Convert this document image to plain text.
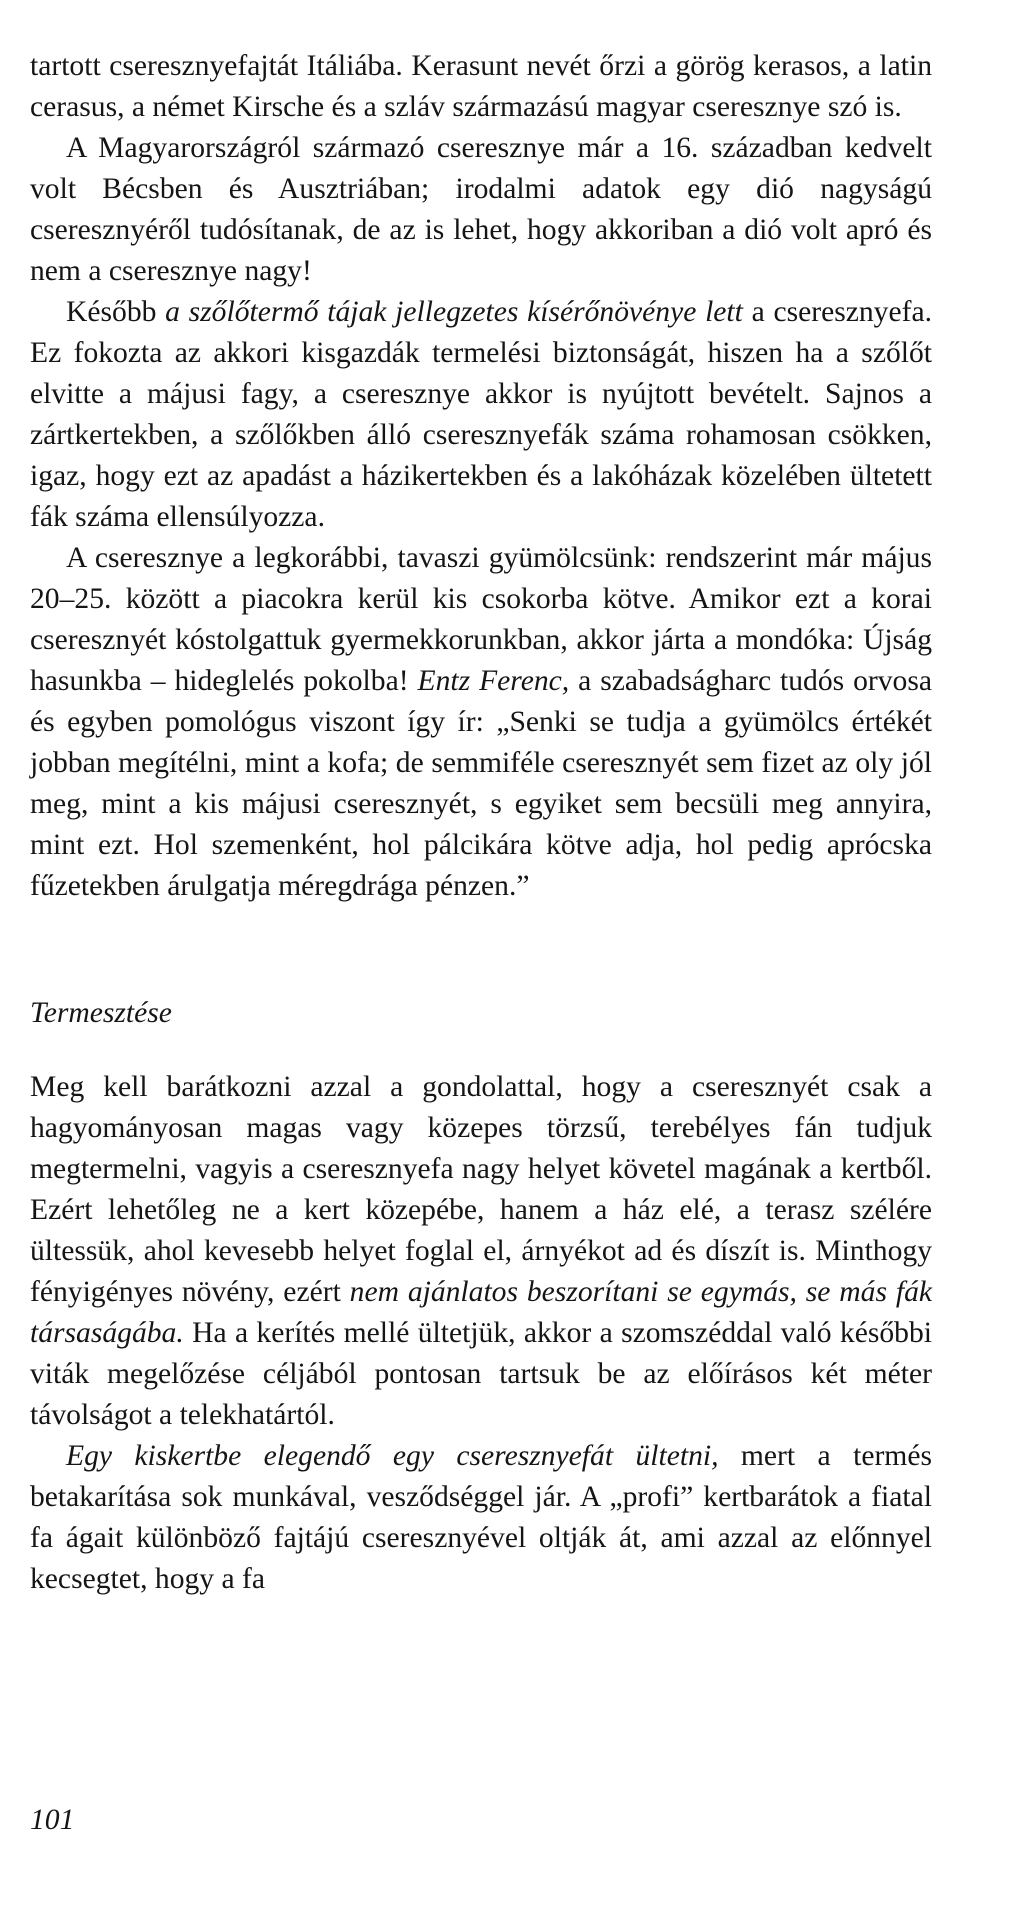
tartott cseresznyefajtát Itáliába. Kerasunt nevét őrzi a görög kerasos, a latin cerasus, a német Kirsche és a szláv származású magyar cseresznye szó is.

A Magyarországról származó cseresznye már a 16. században kedvelt volt Bécsben és Ausztriában; irodalmi adatok egy dió nagyságú cseresznyéről tudósítanak, de az is lehet, hogy akkoriban a dió volt apró és nem a cseresznye nagy!

Később a szőlőtermő tájak jellegzetes kísérőnövénye lett a cseresznyefa. Ez fokozta az akkori kisgazdák termelési biztonságát, hiszen ha a szőlőt elvitte a májusi fagy, a cseresznye akkor is nyújtott bevételt. Sajnos a zártkertekben, a szőlőkben álló cseresznyefák száma rohamosan csökken, igaz, hogy ezt az apadást a házikertekben és a lakóházak közelében ültetett fák száma ellensúlyozza.

A cseresznye a legkorábbi, tavaszi gyümölcsünk: rendszerint már május 20–25. között a piacokra kerül kis csokorba kötve. Amikor ezt a korai cseresznyét kóstolgattuk gyermekkorunkban, akkor járta a mondóka: Újság hasunkba – hideglelés pokolba! Entz Ferenc, a szabadságharc tudós orvosa és egyben pomológus viszont így ír: „Senki se tudja a gyümölcs értékét jobban megítélni, mint a kofa; de semmiféle cseresznyét sem fizet az oly jól meg, mint a kis májusi cseresznyét, s egyiket sem becsüli meg annyira, mint ezt. Hol szemenként, hol pálcikára kötve adja, hol pedig aprócska fűzetekben árulgatja méregdrága pénzen.”

Termesztése

Meg kell barátkozni azzal a gondolattal, hogy a cseresznyét csak a hagyományosan magas vagy közepes törzsű, terebélyes fán tudjuk megtermelni, vagyis a cseresznyefa nagy helyet követel magának a kertből. Ezért lehetőleg ne a kert közepébe, hanem a ház elé, a terasz szélére ültessük, ahol kevesebb helyet foglal el, árnyékot ad és díszít is. Minthogy fényigényes növény, ezért nem ajánlatos beszorítani se egymás, se más fák társaságába. Ha a kerítés mellé ültetjük, akkor a szomszéddal való későbbi viták megelőzése céljából pontosan tartsuk be az előírásos két méter távolságot a telekhatártól.

Egy kiskertbe elegendő egy cseresznyefát ültetni, mert a termés betakarítása sok munkával, vesződséggel jár. A „profi” kertbarátok a fiatal fa ágait különböző fajtájú cseresznyével oltják át, ami azzal az előnnyel kecsegtet, hogy a fa

101
